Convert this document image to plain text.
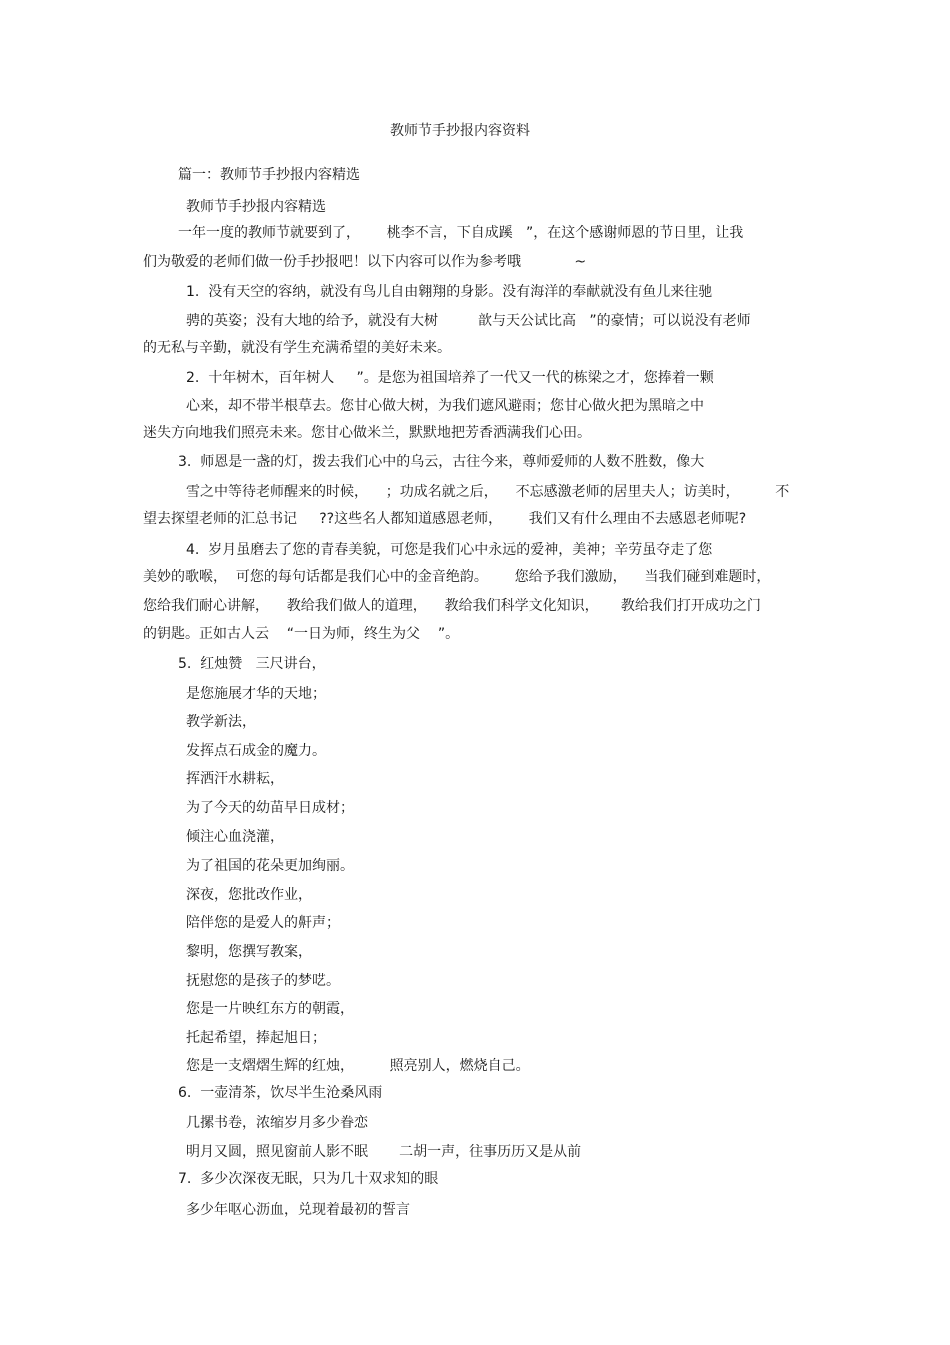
教师节手抄报内容资料
篇一：教师节手抄报内容精选
教师节手抄报内容精选
一年一度的教师节就要到了，      桃李不言，下自成蹊   ”，在这个感谢师恩的节日里，让我
们为敬爱的老师们做一份手抄报吧！以下内容可以作为参考哦            ~
1.  没有天空的容纳，就没有鸟儿自由翱翔的身影。没有海洋的奉献就没有鱼儿来往驰
骋的英姿；没有大地的给予，就没有大树         歆与天公试比高   ”的豪情；可以说没有老师
的无私与辛勤，就没有学生充满希望的美好未来。
2.  十年树木，百年树人     ”。是您为祖国培养了一代又一代的栋梁之才，您捧着一颗
心来，却不带半根草去。您甘心做大树，为我们遮风避雨；您甘心做火把为黑暗之中
迷失方向地我们照亮未来。您甘心做米兰，默默地把芳香洒满我们心田。
3.  师恩是一盏的灯，拨去我们心中的乌云，古往今来，尊师爱师的人数不胜数，像大
雪之中等待老师醒来的时候，    ；功成名就之后，    不忘感激老师的居里夫人；访美时，        不
望去探望老师的汇总书记     ??这些名人都知道感恩老师，      我们又有什么理由不去感恩老师呢?
4.  岁月虽磨去了您的青春美貌，可您是我们心中永远的爱神，美神；辛劳虽夺走了您
美妙的歌喉，  可您的每句话都是我们心中的金音绝韵。      您给予我们激励，    当我们碰到难题时，
您给我们耐心讲解，    教给我们做人的道理，    教给我们科学文化知识，     教给我们打开成功之门
的钥匙。正如古人云    “一日为师，终生为父    ”。
5.  红烛赞   三尺讲台，
是您施展才华的天地；
教学新法，
发挥点石成金的魔力。
挥洒汗水耕耘，
为了今天的幼苗早日成材；
倾注心血浇灌，
为了祖国的花朵更加绚丽。
深夜，您批改作业，
陪伴您的是爱人的鼾声；
黎明，您撰写教案，
抚慰您的是孩子的梦呓。
您是一片映红东方的朝霞，
托起希望，捧起旭日；
您是一支熠熠生辉的红烛，        照亮别人，燃烧自己。
6.  一壶清茶，饮尽半生沧桑风雨
几摞书卷，浓缩岁月多少眷恋
明月又圆，照见窗前人影不眠       二胡一声，往事历历又是从前
7.  多少次深夜无眠，只为几十双求知的眼
多少年呕心沥血，兑现着最初的誓言
